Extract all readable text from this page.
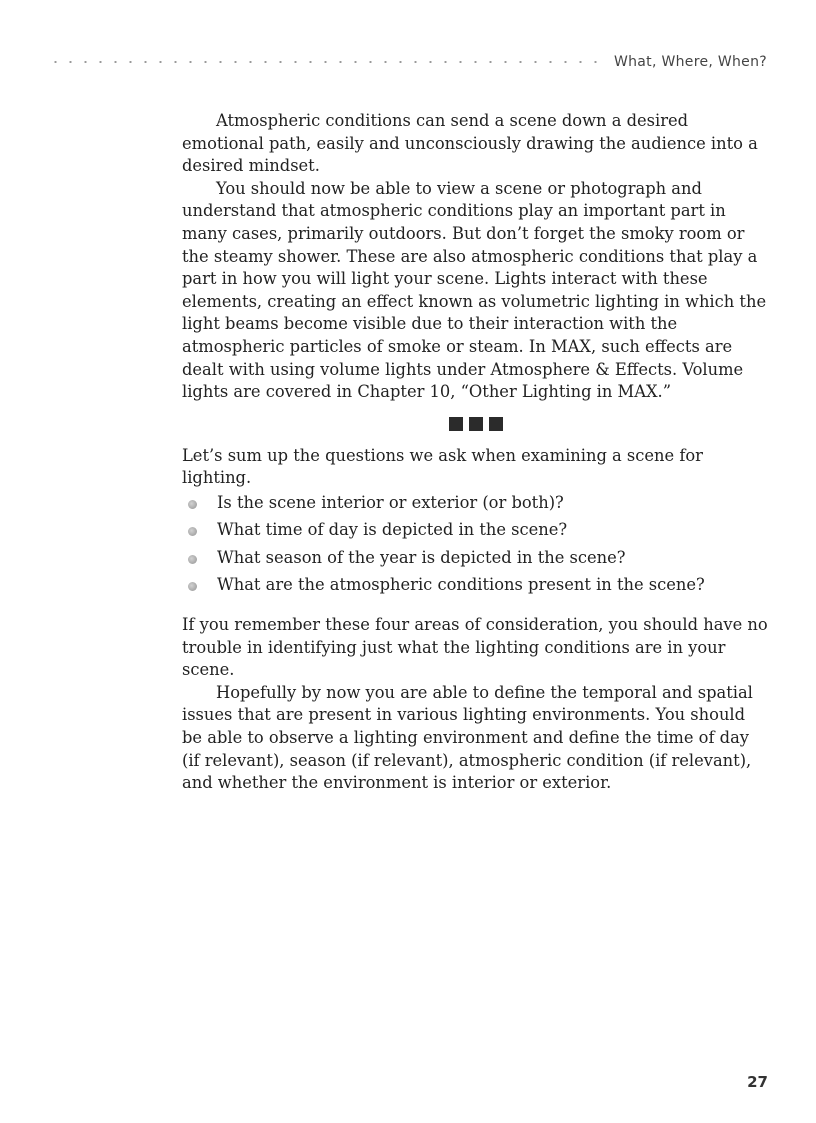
What, Where, When?

Atmospheric conditions can send a scene down a desired emotional path, easily and unconsciously drawing the audience into a desired mindset.

You should now be able to view a scene or photograph and understand that atmospheric conditions play an important part in many cases, primarily outdoors. But don’t forget the smoky room or the steamy shower. These are also atmospheric conditions that play a part in how you will light your scene. Lights interact with these elements, creating an effect known as volumetric lighting in which the light beams become visible due to their interaction with the atmospheric particles of smoke or steam. In MAX, such effects are dealt with using volume lights under Atmosphere & Effects. Volume lights are covered in Chapter 10, “Other Lighting in MAX.”

Let’s sum up the questions we ask when examining a scene for lighting.

Is the scene interior or exterior (or both)?
What time of day is depicted in the scene?
What season of the year is depicted in the scene?
What are the atmospheric conditions present in the scene?

If you remember these four areas of consideration, you should have no trouble in identifying just what the lighting conditions are in your scene.

Hopefully by now you are able to define the temporal and spatial issues that are present in various lighting environments. You should be able to observe a lighting environment and define the time of day (if relevant), season (if relevant), atmospheric condition (if relevant), and whether the environment is interior or exterior.

27
